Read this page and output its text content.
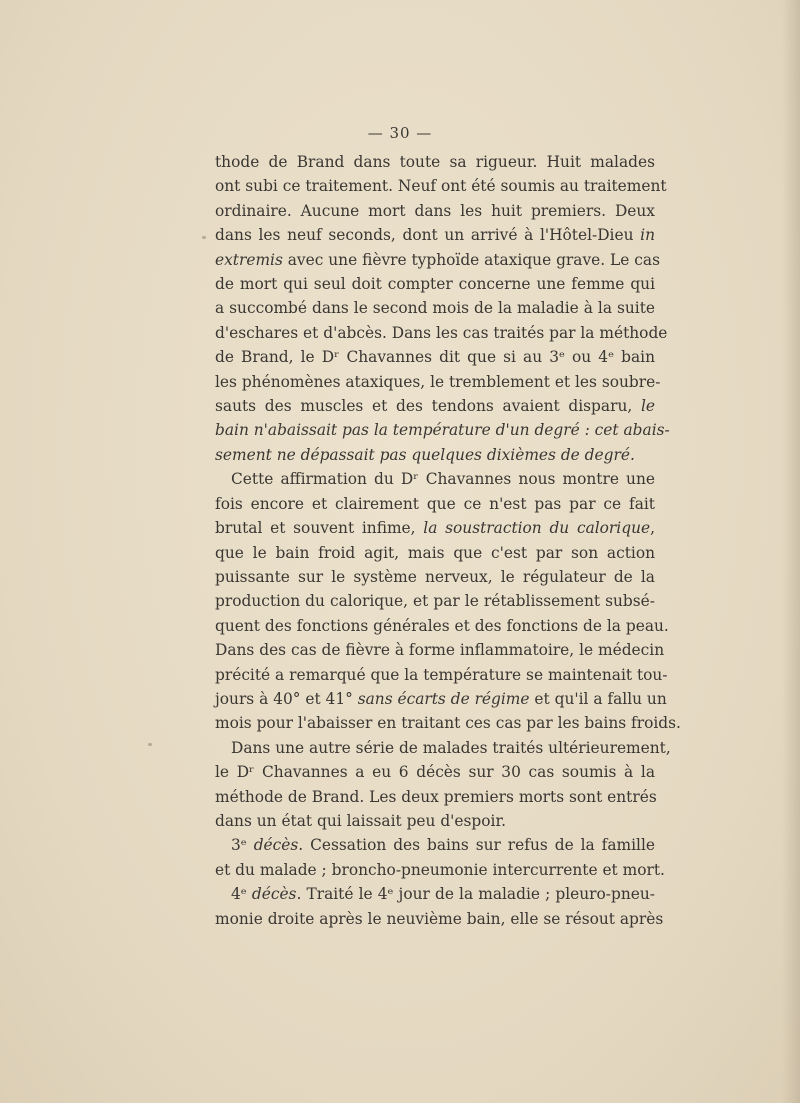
— 30 —
thode de Brand dans toute sa rigueur. Huit malades
ont subi ce traitement. Neuf ont été soumis au traitement
ordinaire. Aucune mort dans les huit premiers. Deux
dans les neuf seconds, dont un arrivé à l'Hôtel-Dieu in
extremis avec une fièvre typhoïde ataxique grave. Le cas
de mort qui seul doit compter concerne une femme qui
a succombé dans le second mois de la maladie à la suite
d'eschares et d'abcès. Dans les cas traités par la méthode
de Brand, le Dʳ Chavannes dit que si au 3ᵉ ou 4ᵉ bain
les phénomènes ataxiques, le tremblement et les soubre-
sauts des muscles et des tendons avaient disparu, le
bain n'abaissait pas la température d'un degré : cet abais-
sement ne dépassait pas quelques dixièmes de degré.
Cette affirmation du Dʳ Chavannes nous montre une
fois encore et clairement que ce n'est pas par ce fait
brutal et souvent infime, la soustraction du calorique,
que le bain froid agit, mais que c'est par son action
puissante sur le système nerveux, le régulateur de la
production du calorique, et par le rétablissement subsé-
quent des fonctions générales et des fonctions de la peau.
Dans des cas de fièvre à forme inflammatoire, le médecin
précité a remarqué que la température se maintenait tou-
jours à 40° et 41° sans écarts de régime et qu'il a fallu un
mois pour l'abaisser en traitant ces cas par les bains froids.
Dans une autre série de malades traités ultérieurement,
le Dʳ Chavannes a eu 6 décès sur 30 cas soumis à la
méthode de Brand. Les deux premiers morts sont entrés
dans un état qui laissait peu d'espoir.
3ᵉ décès. Cessation des bains sur refus de la famille
et du malade ; broncho-pneumonie intercurrente et mort.
4ᵉ décès. Traité le 4ᵉ jour de la maladie ; pleuro-pneu-
monie droite après le neuvième bain, elle se résout après
